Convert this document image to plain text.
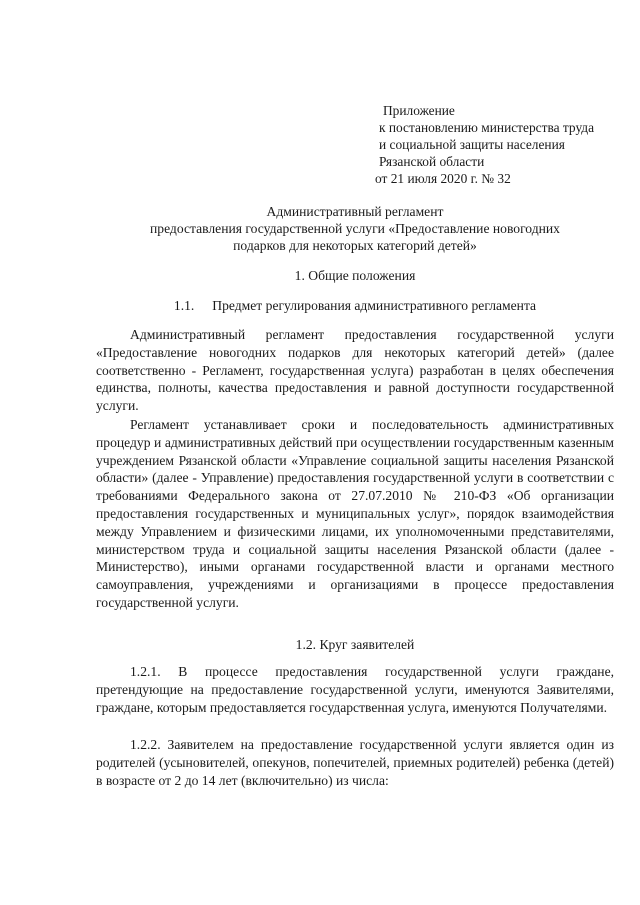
Приложение
к постановлению министерства труда
и социальной защиты населения
Рязанской области
от 21 июля 2020 г. № 32
Административный регламент
предоставления государственной услуги «Предоставление новогодних
подарков для некоторых категорий детей»
1. Общие положения
1.1. Предмет регулирования административного регламента

Административный регламент предоставления государственной услуги «Предоставление новогодних подарков для некоторых категорий детей» (далее соответственно - Регламент, государственная услуга) разработан в целях обеспечения единства, полноты, качества предоставления и равной доступности государственной услуги.

Регламент устанавливает сроки и последовательность административных процедур и административных действий при осуществлении государственным казенным учреждением Рязанской области «Управление социальной защиты населения Рязанской области» (далее - Управление) предоставления государственной услуги в соответствии с требованиями Федерального закона от 27.07.2010 № 210-ФЗ «Об организации предоставления государственных и муниципальных услуг», порядок взаимодействия между Управлением и физическими лицами, их уполномоченными представителями, министерством труда и социальной защиты населения Рязанской области (далее - Министерство), иными органами государственной власти и органами местного самоуправления, учреждениями и организациями в процессе предоставления государственной услуги.

1.2. Круг заявителей

1.2.1. В процессе предоставления государственной услуги граждане, претендующие на предоставление государственной услуги, именуются Заявителями, граждане, которым предоставляется государственная услуга, именуются Получателями.

1.2.2. Заявителем на предоставление государственной услуги является один из родителей (усыновителей, опекунов, попечителей, приемных родителей) ребенка (детей) в возрасте от 2 до 14 лет (включительно) из числа:
